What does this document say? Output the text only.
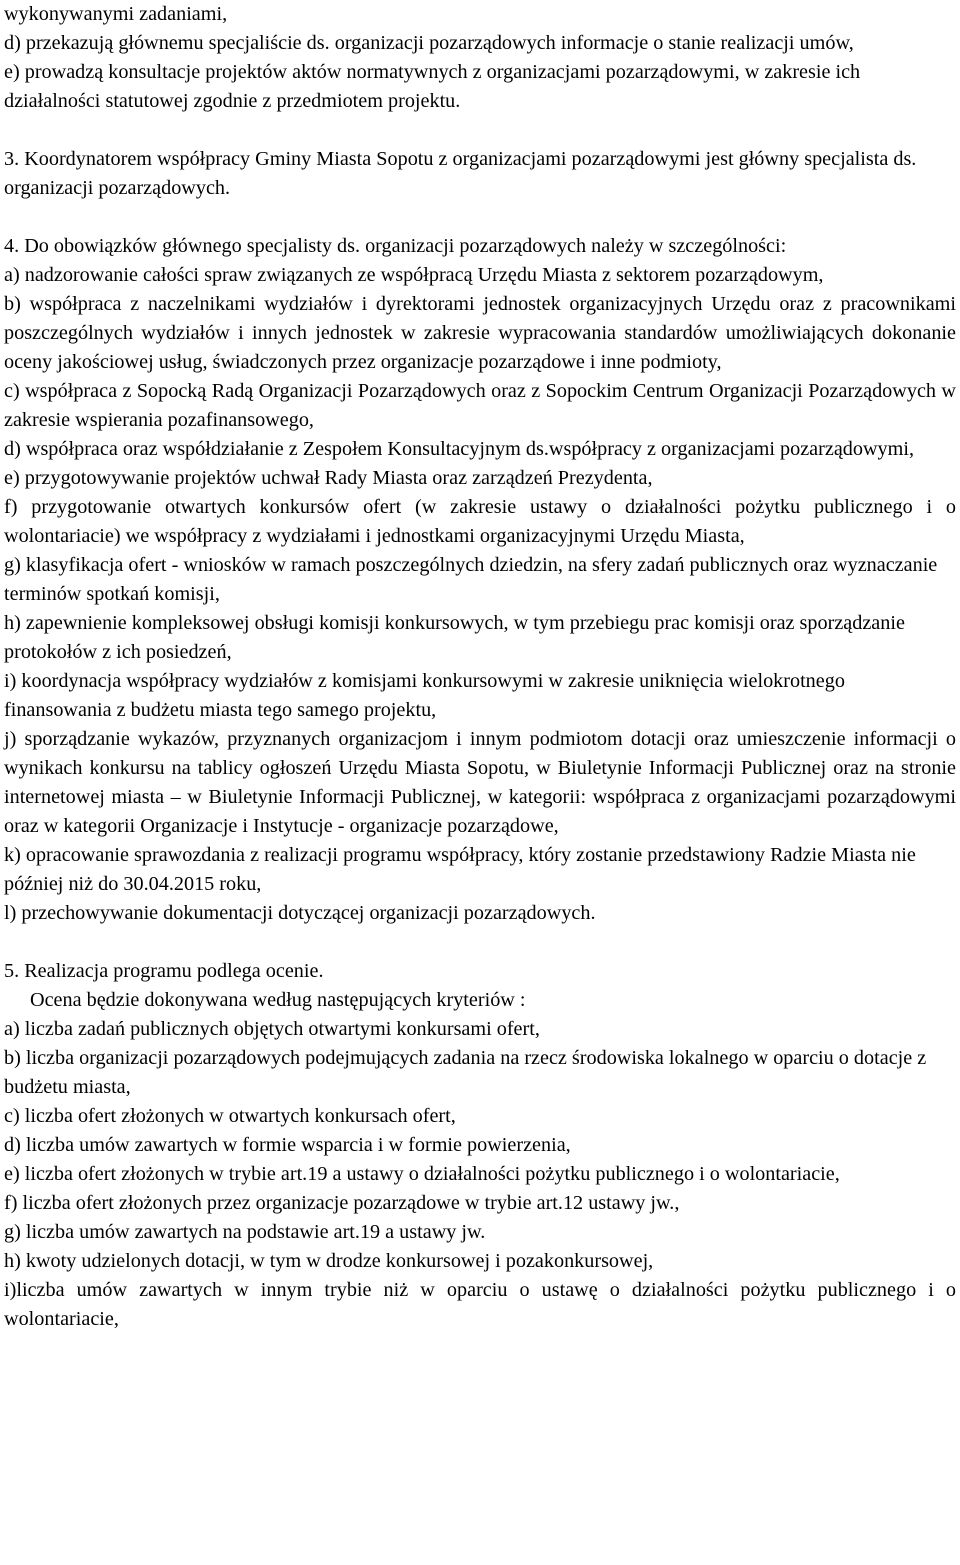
wykonywanymi zadaniami,

d) przekazują głównemu specjaliście ds. organizacji pozarządowych informacje o stanie realizacji umów,

e) prowadzą konsultacje projektów aktów normatywnych z organizacjami pozarządowymi, w zakresie ich działalności statutowej zgodnie z przedmiotem projektu.

3. Koordynatorem współpracy Gminy Miasta Sopotu z organizacjami pozarządowymi jest główny specjalista ds. organizacji pozarządowych.

4. Do obowiązków głównego specjalisty ds. organizacji pozarządowych należy w szczególności:

a) nadzorowanie całości spraw związanych ze współpracą Urzędu Miasta z sektorem pozarządowym,

b) współpraca z naczelnikami wydziałów i dyrektorami jednostek organizacyjnych Urzędu oraz z pracownikami poszczególnych wydziałów i innych jednostek w zakresie wypracowania standardów umożliwiających dokonanie oceny jakościowej usług, świadczonych przez organizacje pozarządowe i inne podmioty,

c) współpraca z Sopocką Radą Organizacji Pozarządowych oraz z Sopockim Centrum Organizacji Pozarządowych w zakresie wspierania pozafinansowego,

d) współpraca oraz współdziałanie z Zespołem Konsultacyjnym ds.współpracy z organizacjami pozarządowymi,

e) przygotowywanie projektów uchwał Rady Miasta oraz zarządzeń Prezydenta,

f) przygotowanie otwartych konkursów ofert (w zakresie ustawy o działalności pożytku publicznego i o wolontariacie) we współpracy z wydziałami i jednostkami organizacyjnymi Urzędu Miasta,

g) klasyfikacja ofert - wniosków w ramach poszczególnych dziedzin, na sfery zadań publicznych oraz wyznaczanie terminów spotkań komisji,

h) zapewnienie kompleksowej obsługi komisji konkursowych, w tym przebiegu prac komisji oraz sporządzanie protokołów z ich posiedzeń,

i) koordynacja współpracy wydziałów z komisjami konkursowymi w zakresie uniknięcia wielokrotnego finansowania z budżetu miasta tego samego projektu,

j) sporządzanie wykazów, przyznanych organizacjom i innym podmiotom dotacji oraz umieszczenie informacji o wynikach konkursu na tablicy ogłoszeń Urzędu Miasta Sopotu, w Biuletynie Informacji Publicznej oraz na stronie internetowej miasta – w Biuletynie Informacji Publicznej, w kategorii: współpraca z organizacjami pozarządowymi oraz w kategorii Organizacje i Instytucje - organizacje pozarządowe,

k) opracowanie sprawozdania z realizacji programu współpracy, który zostanie przedstawiony Radzie Miasta nie później niż do 30.04.2015 roku,

l) przechowywanie dokumentacji dotyczącej organizacji pozarządowych.

5. Realizacja programu podlega ocenie.

Ocena będzie dokonywana według następujących kryteriów :

a) liczba zadań publicznych objętych otwartymi konkursami ofert,

b) liczba organizacji pozarządowych podejmujących zadania na rzecz środowiska lokalnego w oparciu o dotacje z budżetu miasta,

c) liczba ofert złożonych w otwartych konkursach ofert,

d) liczba umów zawartych w formie wsparcia i w formie powierzenia,

e) liczba ofert złożonych w trybie art.19 a ustawy o działalności pożytku publicznego i o wolontariacie,

f) liczba ofert złożonych przez organizacje pozarządowe w trybie art.12 ustawy jw.,

g) liczba umów zawartych na podstawie art.19 a ustawy jw.

h) kwoty udzielonych dotacji, w tym w drodze konkursowej i pozakonkursowej,

i)liczba umów zawartych w innym trybie niż w oparciu o ustawę o działalności pożytku publicznego i o wolontariacie,
